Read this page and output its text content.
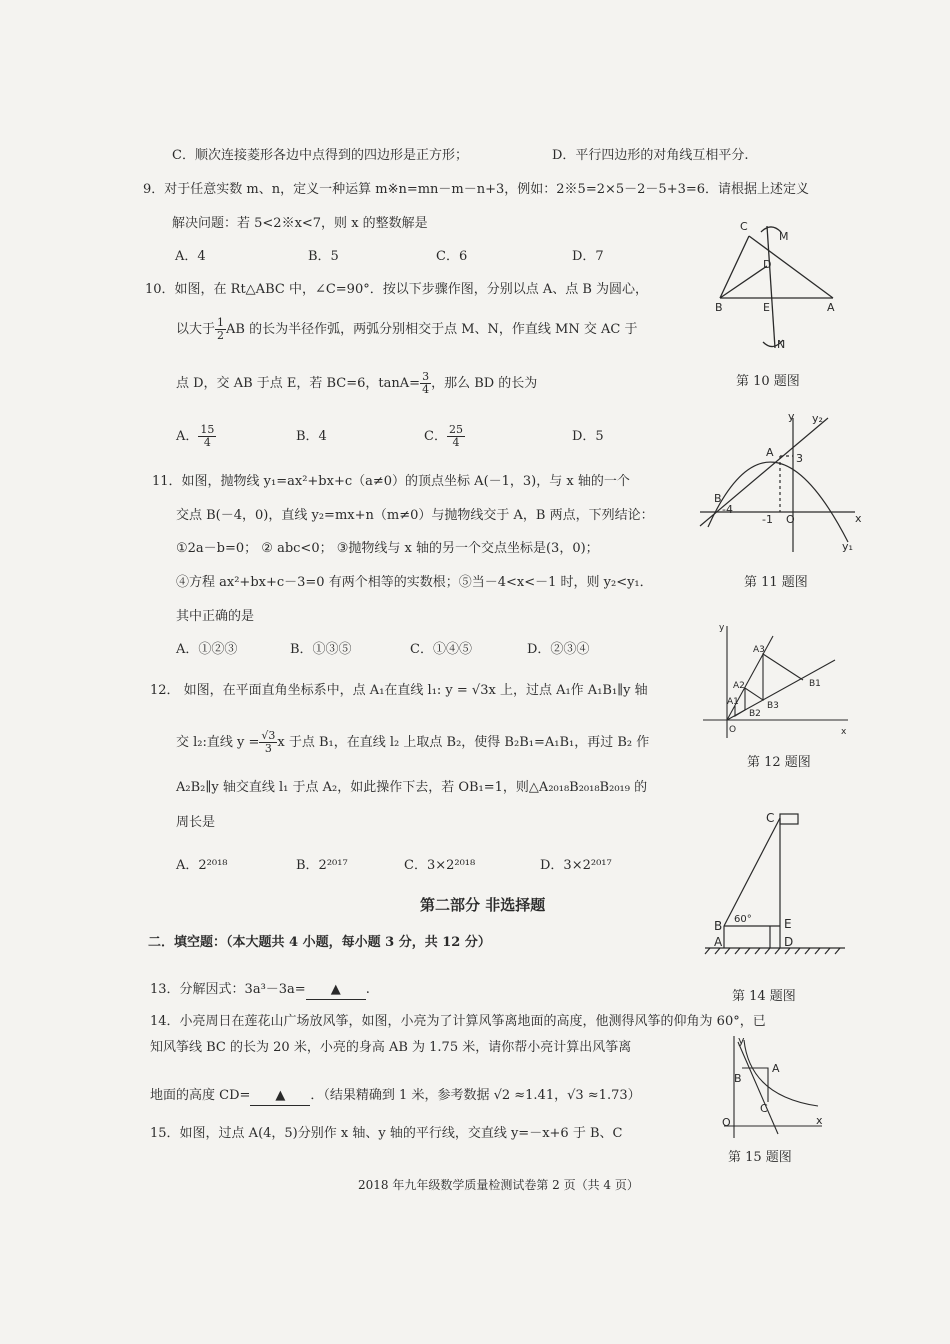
C．顺次连接菱形各边中点得到的四边形是正方形；	D．平行四边形的对角线互相平分.
9．对于任意实数 m、n，定义一种运算 m※n=mn－m－n+3，例如：2※5=2×5－2－5+3=6．请根据上述定义
解决问题：若 5<2※x<7，则 x 的整数解是
A．4	B．5	C．6	D．7
10．如图，在 Rt△ABC 中，∠C=90°．按以下步骤作图，分别以点 A、点 B 为圆心，
以大于 $\frac{1}{2}$ AB 的长为半径作弧，两弧分别相交于点 M、N，作直线 MN 交 AC 于
点 D，交 AB 于点 E，若 BC=6，$\tan A= \frac{3}{4}$ ，那么 BD 的长为
A． $\frac{15}{4}$	B．4	C． $\frac{25}{4}$	D．5
C
M
D
B	E	A
N
第 10 题图
11．如图，抛物线 y₁=ax²+bx+c（a≠0）的顶点坐标 A(－1，3)，与 x 轴的一个
交点 B(－4，0)，直线 y₂=mx+n（m≠0）与抛物线交于 A，B 两点，下列结论：
①2a－b=0； ② abc<0； ③抛物线与 x 轴的另一个交点坐标是(3，0)；
④方程 ax²+bx+c－3=0 有两个相等的实数根；⑤当－4<x<－1 时，则 y₂<y₁．
其中正确的是
A．①②③	B．①③⑤	C．①④⑤	D．②③④
y₂
y
A 3
B
-4
-1 O	x
y₁
第 11 题图
12． 如图，在平面直角坐标系中，点 A₁在直线 l₁: y = √3x 上，过点 A₁作 A₁B₁∥y 轴
交 l₂:直线 $y = \frac{√3}{3}$ x 于点 B₁，在直线 l₂ 上取点 B₂，使得 B₂B₁=A₁B₁，再过 B₂ 作
A₂B₂∥y 轴交直线 l₁ 于点 A₂，如此操作下去，若 OB₁=1，则△A₂₀₁₈B₂₀₁₈B₂₀₁₉ 的
周长是
A．2²⁰¹⁸	B．2²⁰¹⁷	C．3×2²⁰¹⁸	D．3×2²⁰¹⁷
y
A3
A2
A1
B1
B2
B3
O	x
第 12 题图
第二部分 非选择题
二．填空题：（本大题共 4 小题，每小题 3 分，共 12 分）
C
B	E
A	D
60°
第 14 题图
13．分解因式：3a³－3a= ▲ .
14．小亮周日在莲花山广场放风筝，如图，小亮为了计算风筝离地面的高度，他测得风筝的仰角为 60°，已
知风筝线 BC 的长为 20 米，小亮的身高 AB 为 1.75 米，请你帮小亮计算出风筝离
地面的高度 CD= ▲ ．（结果精确到 1 米，参考数据 √2 ≈1.41，√3 ≈1.73）
15．如图，过点 A(4，5)分别作 x 轴、y 轴的平行线，交直线 y=－x+6 于 B、C
y
B
A
C
O	x
第 15 题图
2018 年九年级数学质量检测试卷第 2 页（共 4 页）
